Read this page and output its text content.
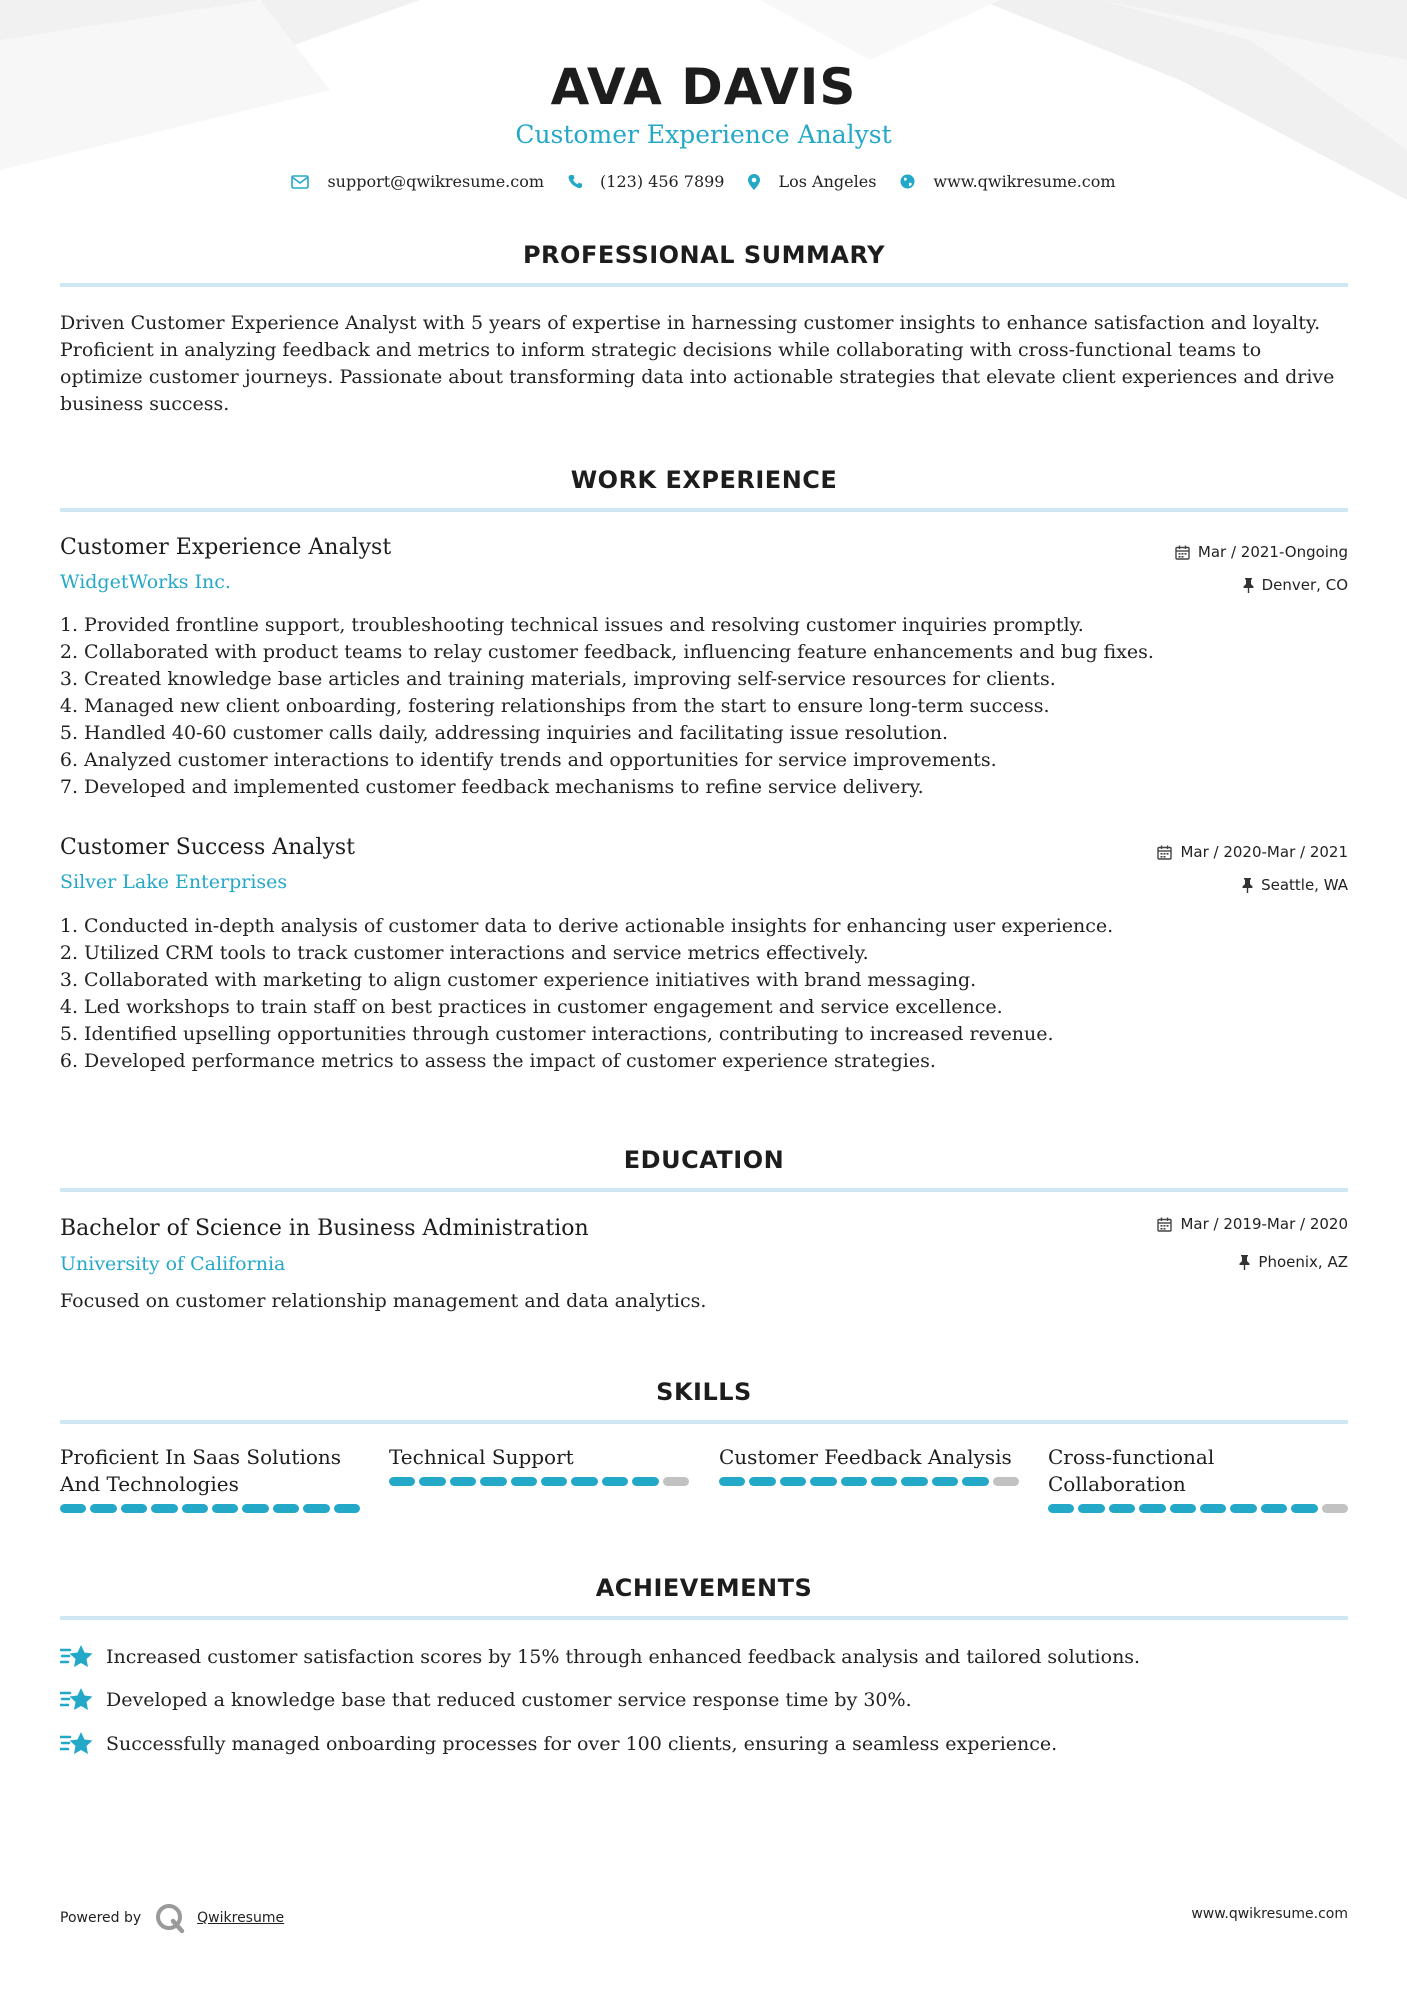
AVA DAVIS
Customer Experience Analyst
support@qwikresume.com	(123) 456 7899	Los Angeles	www.qwikresume.com
PROFESSIONAL SUMMARY
Driven Customer Experience Analyst with 5 years of expertise in harnessing customer insights to enhance satisfaction and loyalty. Proficient in analyzing feedback and metrics to inform strategic decisions while collaborating with cross-functional teams to optimize customer journeys. Passionate about transforming data into actionable strategies that elevate client experiences and drive business success.
WORK EXPERIENCE
Customer Experience Analyst
WidgetWorks Inc.
Mar / 2021-Ongoing
Denver, CO
1.
Provided frontline support, troubleshooting technical issues and resolving customer inquiries promptly.
2.
Collaborated with product teams to relay customer feedback, influencing feature enhancements and bug fixes.
3.
Created knowledge base articles and training materials, improving self-service resources for clients.
4.
Managed new client onboarding, fostering relationships from the start to ensure long-term success.
5.
Handled 40-60 customer calls daily, addressing inquiries and facilitating issue resolution.
6.
Analyzed customer interactions to identify trends and opportunities for service improvements.
7.
Developed and implemented customer feedback mechanisms to refine service delivery.
Customer Success Analyst
Silver Lake Enterprises
Mar / 2020-Mar / 2021
Seattle, WA
1.
Conducted in-depth analysis of customer data to derive actionable insights for enhancing user experience.
2.
Utilized CRM tools to track customer interactions and service metrics effectively.
3.
Collaborated with marketing to align customer experience initiatives with brand messaging.
4.
Led workshops to train staff on best practices in customer engagement and service excellence.
5.
Identified upselling opportunities through customer interactions, contributing to increased revenue.
6.
Developed performance metrics to assess the impact of customer experience strategies.
EDUCATION
Bachelor of Science in Business Administration
University of California
Mar / 2019-Mar / 2020
Phoenix, AZ
Focused on customer relationship management and data analytics.
SKILLS
Proficient In Saas Solutions And Technologies
Technical Support	Customer Feedback Analysis	Cross-functional Collaboration
ACHIEVEMENTS
Increased customer satisfaction scores by 15% through enhanced feedback analysis and tailored solutions.
Developed a knowledge base that reduced customer service response time by 30%.
Successfully managed onboarding processes for over 100 clients, ensuring a seamless experience.
Powered by	Qwikresume	www.qwikresume.com
